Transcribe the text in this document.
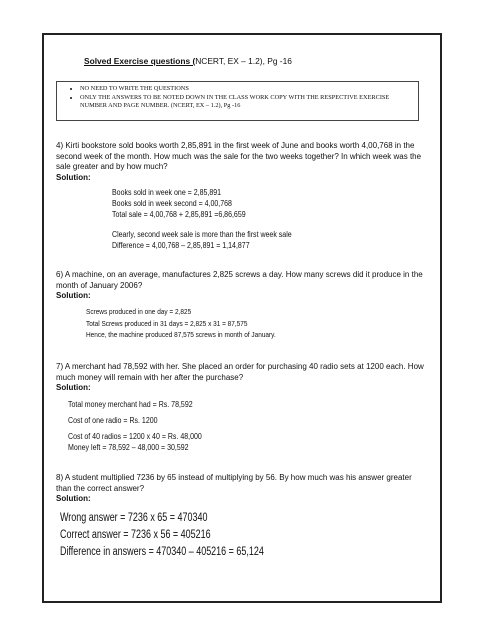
Solved Exercise questions (NCERT, EX – 1.2), Pg -16
• NO NEED TO WRITE THE QUESTIONS
• ONLY THE ANSWERS TO BE NOTED DOWN IN THE CLASS WORK COPY WITH THE RESPECTIVE EXERCISE NUMBER AND PAGE NUMBER. (NCERT, EX – 1.2), Pg -16
4) Kirti bookstore sold books worth 2,85,891 in the first week of June and books worth 4,00,768 in the second week of the month. How much was the sale for the two weeks together? In which week was the sale greater and by how much?
Solution:
Books sold in week one = 2,85,891
Books sold in week second = 4,00,768
Total sale = 4,00,768 + 2,85,891 =6,86,659
Clearly, second week sale is more than the first week sale
Difference = 4,00,768 – 2,85,891 = 1,14,877
6) A machine, on an average, manufactures 2,825 screws a day. How many screws did it produce in the month of January 2006?
Solution:
Screws produced in one day = 2,825
Total Screws produced in 31 days = 2,825 x 31 = 87,575
Hence, the machine produced 87,575 screws in month of January.
7) A merchant had 78,592 with her. She placed an order for purchasing 40 radio sets at 1200 each. How much money will remain with her after the purchase?
Solution:
Total money merchant had = Rs. 78,592
Cost of one radio = Rs. 1200
Cost of 40 radios = 1200 x 40 = Rs. 48,000
Money left = 78,592 – 48,000 = 30,592
8) A student multiplied 7236 by 65 instead of multiplying by 56. By how much was his answer greater than the correct answer?
Solution:
Wrong answer = 7236 x 65 = 470340
Correct answer = 7236 x 56 = 405216
Difference in answers = 470340 – 405216 = 65,124
